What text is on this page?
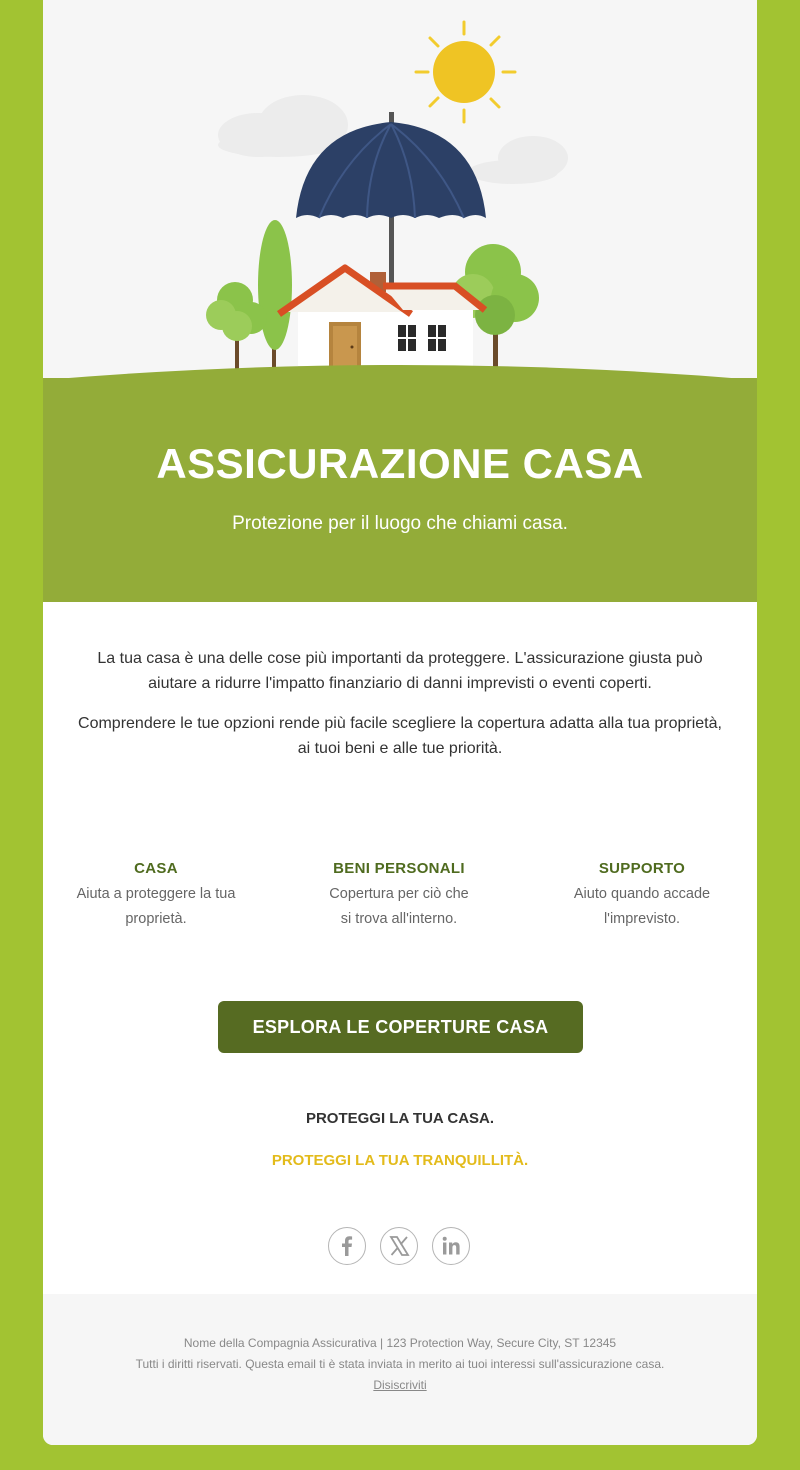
ASSICURAZIONE CASA
Protezione per il luogo che chiami casa.

La tua casa è una delle cose più importanti da proteggere. L'assicurazione giusta può aiutare a ridurre l'impatto finanziario di danni imprevisti o eventi coperti.

Comprendere le tue opzioni rende più facile scegliere la copertura adatta alla tua proprietà, ai tuoi beni e alle tue priorità.

CASA
Aiuta a proteggere la tua
proprietà.
BENI PERSONALI
Copertura per ciò che
si trova all'interno.
SUPPORTO
Aiuto quando accade
l'imprevisto.
ESPLORA LE COPERTURE CASA
PROTEGGI LA TUA CASA.
PROTEGGI LA TUA TRANQUILLITÀ.
Nome della Compagnia Assicurativa | 123 Protection Way, Secure City, ST 12345
Tutti i diritti riservati. Questa email ti è stata inviata in merito ai tuoi interessi sull'assicurazione casa.
Disiscriviti
